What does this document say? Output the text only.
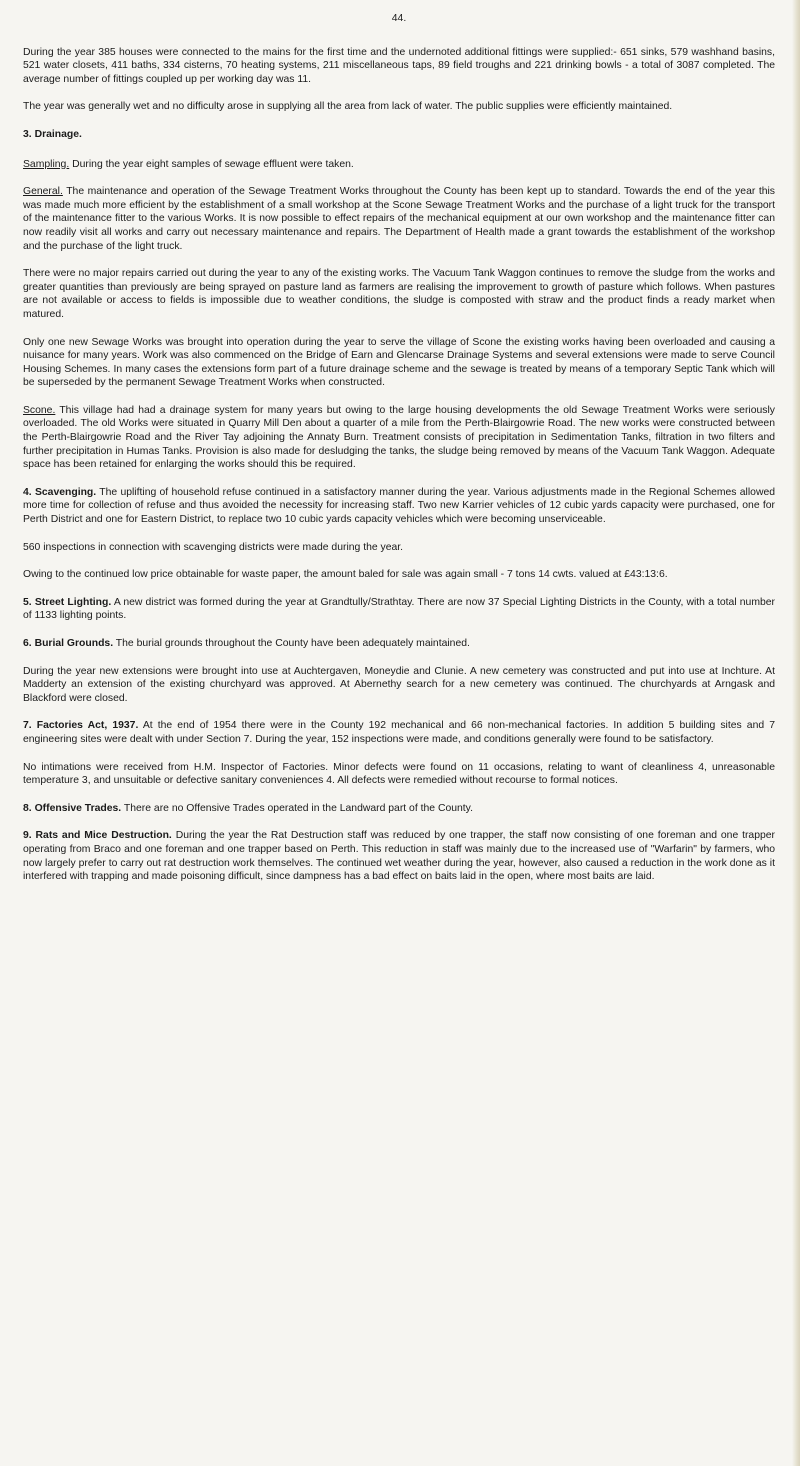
44.

During the year 385 houses were connected to the mains for the first time and the undernoted additional fittings were supplied:- 651 sinks, 579 washhand basins, 521 water closets, 411 baths, 334 cisterns, 70 heating systems, 211 miscellaneous taps, 89 field troughs and 221 drinking bowls - a total of 3087 completed. The average number of fittings coupled up per working day was 11.

The year was generally wet and no difficulty arose in supplying all the area from lack of water. The public supplies were efficiently maintained.

3. Drainage.

Sampling. During the year eight samples of sewage effluent were taken.

General. The maintenance and operation of the Sewage Treatment Works throughout the County has been kept up to standard. Towards the end of the year this was made much more efficient by the establishment of a small workshop at the Scone Sewage Treatment Works and the purchase of a light truck for the transport of the maintenance fitter to the various Works. It is now possible to effect repairs of the mechanical equipment at our own workshop and the maintenance fitter can now readily visit all works and carry out necessary maintenance and repairs. The Department of Health made a grant towards the establishment of the workshop and the purchase of the light truck.

There were no major repairs carried out during the year to any of the existing works. The Vacuum Tank Waggon continues to remove the sludge from the works and greater quantities than previously are being sprayed on pasture land as farmers are realising the improvement to growth of pasture which follows. When pastures are not available or access to fields is impossible due to weather conditions, the sludge is composted with straw and the product finds a ready market when matured.

Only one new Sewage Works was brought into operation during the year to serve the village of Scone the existing works having been overloaded and causing a nuisance for many years. Work was also commenced on the Bridge of Earn and Glencarse Drainage Systems and several extensions were made to serve Council Housing Schemes. In many cases the extensions form part of a future drainage scheme and the sewage is treated by means of a temporary Septic Tank which will be superseded by the permanent Sewage Treatment Works when constructed.

Scone. This village had had a drainage system for many years but owing to the large housing developments the old Sewage Treatment Works were seriously overloaded. The old Works were situated in Quarry Mill Den about a quarter of a mile from the Perth-Blairgowrie Road. The new works were constructed between the Perth-Blairgowrie Road and the River Tay adjoining the Annaty Burn. Treatment consists of precipitation in Sedimentation Tanks, filtration in two filters and further precipitation in Humas Tanks. Provision is also made for desludging the tanks, the sludge being removed by means of the Vacuum Tank Waggon. Adequate space has been retained for enlarging the works should this be required.

4. Scavenging. The uplifting of household refuse continued in a satisfactory manner during the year. Various adjustments made in the Regional Schemes allowed more time for collection of refuse and thus avoided the necessity for increasing staff. Two new Karrier vehicles of 12 cubic yards capacity were purchased, one for Perth District and one for Eastern District, to replace two 10 cubic yards capacity vehicles which were becoming unserviceable.

560 inspections in connection with scavenging districts were made during the year.

Owing to the continued low price obtainable for waste paper, the amount baled for sale was again small - 7 tons 14 cwts. valued at £43:13:6.

5. Street Lighting. A new district was formed during the year at Grandtully/Strathtay. There are now 37 Special Lighting Districts in the County, with a total number of 1133 lighting points.

6. Burial Grounds. The burial grounds throughout the County have been adequately maintained.

During the year new extensions were brought into use at Auchtergaven, Moneydie and Clunie. A new cemetery was constructed and put into use at Inchture. At Madderty an extension of the existing churchyard was approved. At Abernethy search for a new cemetery was continued. The churchyards at Arngask and Blackford were closed.

7. Factories Act, 1937. At the end of 1954 there were in the County 192 mechanical and 66 non-mechanical factories. In addition 5 building sites and 7 engineering sites were dealt with under Section 7. During the year, 152 inspections were made, and conditions generally were found to be satisfactory.

No intimations were received from H.M. Inspector of Factories. Minor defects were found on 11 occasions, relating to want of cleanliness 4, unreasonable temperature 3, and unsuitable or defective sanitary conveniences 4. All defects were remedied without recourse to formal notices.

8. Offensive Trades. There are no Offensive Trades operated in the Landward part of the County.

9. Rats and Mice Destruction. During the year the Rat Destruction staff was reduced by one trapper, the staff now consisting of one foreman and one trapper operating from Braco and one foreman and one trapper based on Perth. This reduction in staff was mainly due to the increased use of "Warfarin" by farmers, who now largely prefer to carry out rat destruction work themselves. The continued wet weather during the year, however, also caused a reduction in the work done as it interfered with trapping and made poisoning difficult, since dampness has a bad effect on baits laid in the open, where most baits are laid.
